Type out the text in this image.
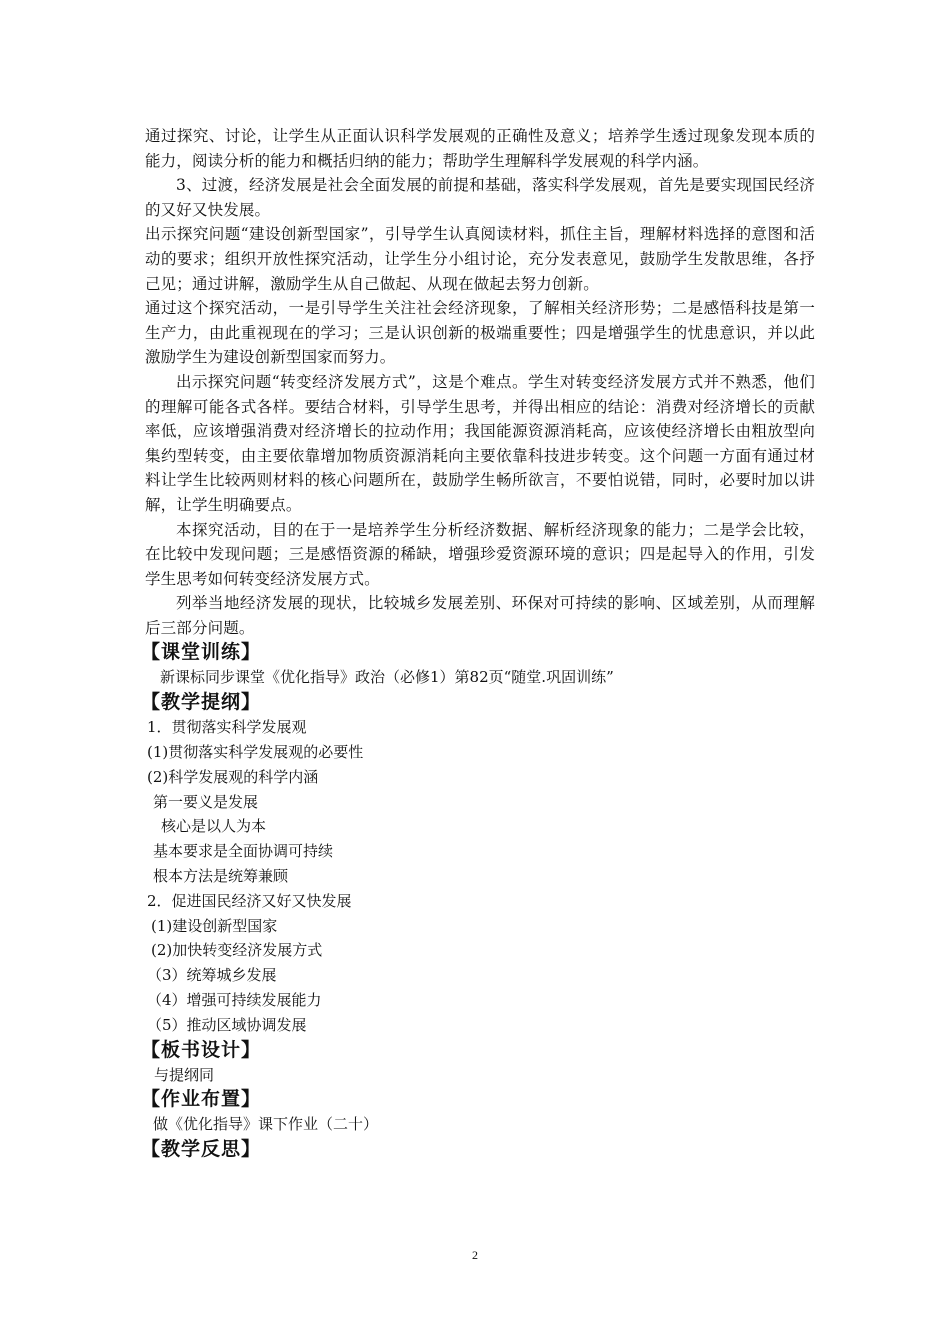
通过探究、讨论，让学生从正面认识科学发展观的正确性及意义；培养学生透过现象发现本质的能力，阅读分析的能力和概括归纳的能力；帮助学生理解科学发展观的科学内涵。

3、过渡，经济发展是社会全面发展的前提和基础，落实科学发展观，首先是要实现国民经济的又好又快发展。

出示探究问题“建设创新型国家”，引导学生认真阅读材料，抓住主旨，理解材料选择的意图和活动的要求；组织开放性探究活动，让学生分小组讨论，充分发表意见，鼓励学生发散思维，各抒己见；通过讲解，激励学生从自己做起、从现在做起去努力创新。

通过这个探究活动，一是引导学生关注社会经济现象，了解相关经济形势；二是感悟科技是第一生产力，由此重视现在的学习；三是认识创新的极端重要性；四是增强学生的忧患意识，并以此激励学生为建设创新型国家而努力。

出示探究问题“转变经济发展方式”，这是个难点。学生对转变经济发展方式并不熟悉，他们的理解可能各式各样。要结合材料，引导学生思考，并得出相应的结论：消费对经济增长的贡献率低，应该增强消费对经济增长的拉动作用；我国能源资源消耗高，应该使经济增长由粗放型向集约型转变，由主要依靠增加物质资源消耗向主要依靠科技进步转变。这个问题一方面有通过材料让学生比较两则材料的核心问题所在，鼓励学生畅所欲言，不要怕说错，同时，必要时加以讲解，让学生明确要点。

本探究活动，目的在于一是培养学生分析经济数据、解析经济现象的能力；二是学会比较，在比较中发现问题；三是感悟资源的稀缺，增强珍爱资源环境的意识；四是起导入的作用，引发学生思考如何转变经济发展方式。

列举当地经济发展的现状，比较城乡发展差别、环保对可持续的影响、区域差别，从而理解后三部分问题。

【课堂训练】

新课标同步课堂《优化指导》政治（必修1）第82页“随堂.巩固训练”

【教学提纲】

1．贯彻落实科学发展观

(1)贯彻落实科学发展观的必要性

(2)科学发展观的科学内涵

第一要义是发展

核心是以人为本

基本要求是全面协调可持续

根本方法是统筹兼顾

2．促进国民经济又好又快发展

(1)建设创新型国家

(2)加快转变经济发展方式

（3）统筹城乡发展

（4）增强可持续发展能力

（5）推动区域协调发展

【板书设计】

与提纲同

【作业布置】

做《优化指导》课下作业（二十）

【教学反思】

2
